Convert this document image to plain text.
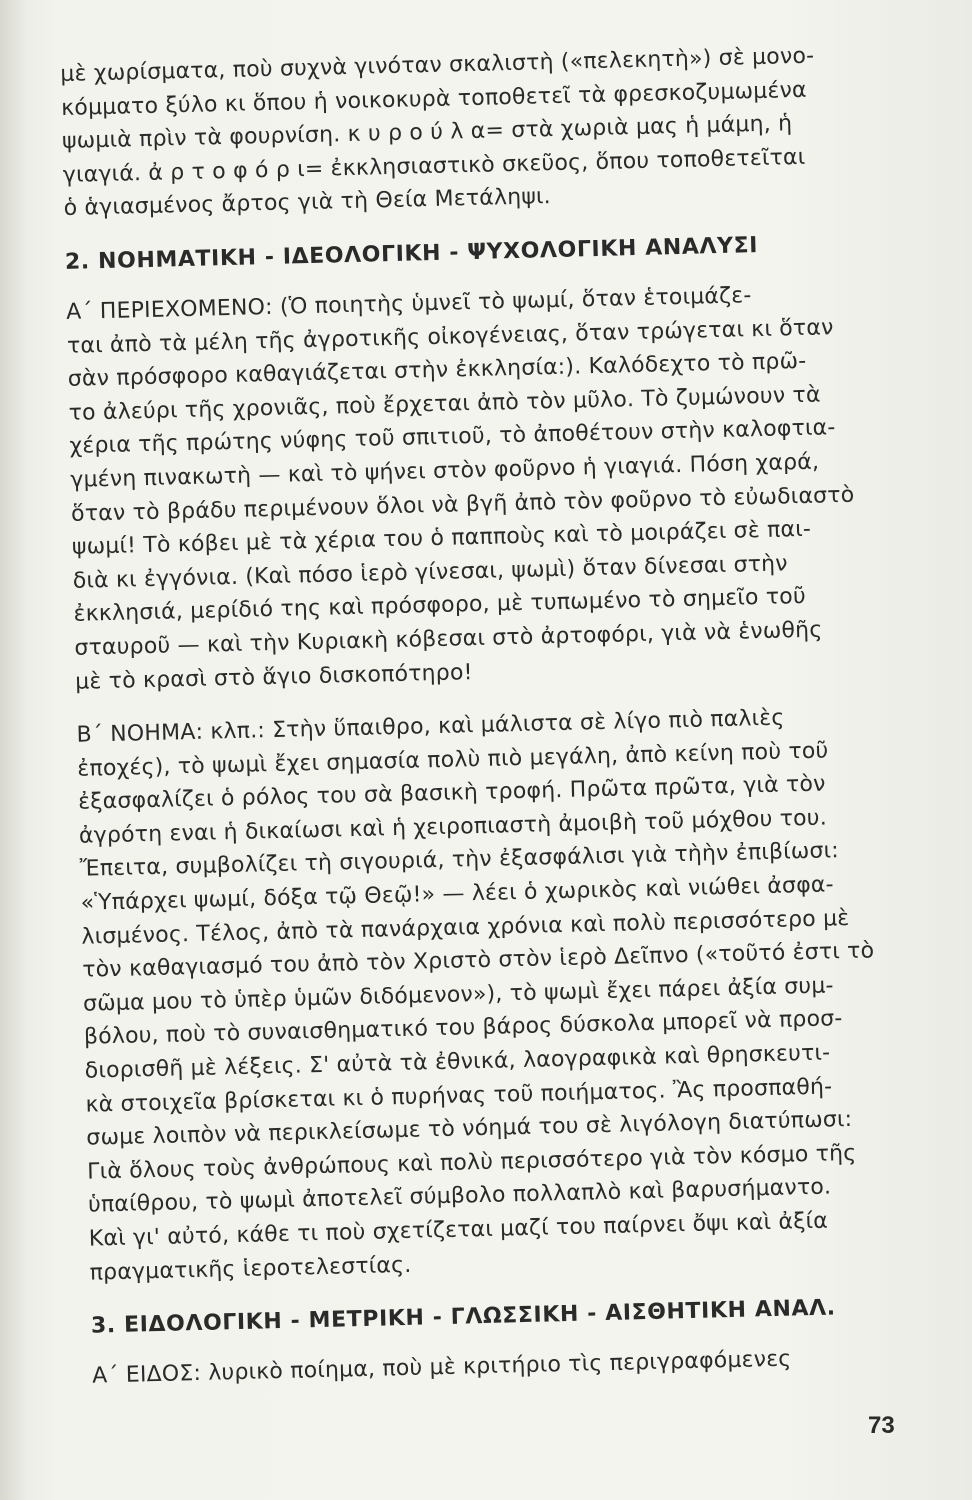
μὲ χωρίσματα, ποὺ συχνὰ γινόταν σκαλιστὴ («πελεκητὴ») σὲ μονο-
κόμματο ξύλο κι ὅπου ἡ νοικοκυρὰ τοποθετεῖ τὰ φρεσκοζυμωμένα
ψωμιὰ πρὶν τὰ φουρνίση. κ υ ρ ο ύ λ α= στὰ χωριὰ μας ἡ μάμη, ἡ
γιαγιά. ἀ ρ τ ο φ ό ρ ι= ἐκκλησιαστικὸ σκεῦος, ὅπου τοποθετεῖται
ὁ ἁγιασμένος ἄρτος γιὰ τὴ Θεία Μετάληψι.
2. ΝΟΗΜΑΤΙΚΗ - ΙΔΕΟΛΟΓΙΚΗ - ΨΥΧΟΛΟΓΙΚΗ ΑΝΑΛΥΣΙ
Α΄ ΠΕΡΙΕΧΟΜΕΝΟ: (Ὁ ποιητὴς ὑμνεῖ τὸ ψωμί, ὅταν ἑτοιμάζε-
ται ἀπὸ τὰ μέλη τῆς ἀγροτικῆς οἰκογένειας, ὅταν τρώγεται κι ὅταν
σὰν πρόσφορο καθαγιάζεται στὴν ἐκκλησία:). Καλόδεχτο τὸ πρῶ-
το ἀλεύρι τῆς χρονιᾶς, ποὺ ἔρχεται ἀπὸ τὸν μῦλο. Τὸ ζυμώνουν τὰ
χέρια τῆς πρώτης νύφης τοῦ σπιτιοῦ, τὸ ἀποθέτουν στὴν καλοφτια-
γμένη πινακωτὴ — καὶ τὸ ψήνει στὸν φοῦρνο ἡ γιαγιά. Πόση χαρά,
ὅταν τὸ βράδυ περιμένουν ὅλοι νὰ βγῆ ἀπὸ τὸν φοῦρνο τὸ εὐωδιαστὸ
ψωμί! Τὸ κόβει μὲ τὰ χέρια του ὁ παπποὺς καὶ τὸ μοιράζει σὲ παι-
διὰ κι ἐγγόνια. (Καὶ πόσο ἱερὸ γίνεσαι, ψωμὶ) ὅταν δίνεσαι στὴν
ἐκκλησιά, μερίδιό της καὶ πρόσφορο, μὲ τυπωμένο τὸ σημεῖο τοῦ
σταυροῦ — καὶ τὴν Κυριακὴ κόβεσαι στὸ ἀρτοφόρι, γιὰ νὰ ἑνωθῆς
μὲ τὸ κρασὶ στὸ ἅγιο δισκοπότηρο!
Β΄ ΝΟΗΜΑ: κλπ.: Στὴν ὕπαιθρο, καὶ μάλιστα σὲ λίγο πιὸ παλιὲς
ἐποχές), τὸ ψωμὶ ἔχει σημασία πολὺ πιὸ μεγάλη, ἀπὸ κείνη ποὺ τοῦ
ἐξασφαλίζει ὁ ρόλος του σὰ βασικὴ τροφή. Πρῶτα πρῶτα, γιὰ τὸν
ἀγρότη εναι ἡ δικαίωσι καὶ ἡ χειροπιαστὴ ἀμοιβὴ τοῦ μόχθου του.
Ἔπειτα, συμβολίζει τὴ σιγουριά, τὴν ἐξασφάλισι γιὰ τὴὴν ἐπιβίωσι:
«Ὑπάρχει ψωμί, δόξα τῷ Θεῷ!» — λέει ὁ χωρικὸς καὶ νιώθει ἀσφα-
λισμένος. Τέλος, ἀπὸ τὰ πανάρχαια χρόνια καὶ πολὺ περισσότερο μὲ
τὸν καθαγιασμό του ἀπὸ τὸν Χριστὸ στὸν ἱερὸ Δεῖπνο («τοῦτό ἐστι τὸ
σῶμα μου τὸ ὑπὲρ ὑμῶν διδόμενον»), τὸ ψωμὶ ἔχει πάρει ἀξία συμ-
βόλου, ποὺ τὸ συναισθηματικό του βάρος δύσκολα μπορεῖ νὰ προσ-
διορισθῆ μὲ λέξεις. Σ' αὐτὰ τὰ ἐθνικά, λαογραφικὰ καὶ θρησκευτι-
κὰ στοιχεῖα βρίσκεται κι ὁ πυρήνας τοῦ ποιήματος. Ἂς προσπαθή-
σωμε λοιπὸν νὰ περικλείσωμε τὸ νόημά του σὲ λιγόλογη διατύπωσι:
Γιὰ ὅλους τοὺς ἀνθρώπους καὶ πολὺ περισσότερο γιὰ τὸν κόσμο τῆς
ὑπαίθρου, τὸ ψωμὶ ἀποτελεῖ σύμβολο πολλαπλὸ καὶ βαρυσήμαντο.
Καὶ γι' αὐτό, κάθε τι ποὺ σχετίζεται μαζί του παίρνει ὄψι καὶ ἀξία
πραγματικῆς ἱεροτελεστίας.
3. ΕΙΔΟΛΟΓΙΚΗ - ΜΕΤΡΙΚΗ - ΓΛΩΣΣΙΚΗ - ΑΙΣΘΗΤΙΚΗ ΑΝΑΛ.
Α΄ ΕΙΔΟΣ: λυρικὸ ποίημα, ποὺ μὲ κριτήριο τὶς περιγραφόμενες
73
